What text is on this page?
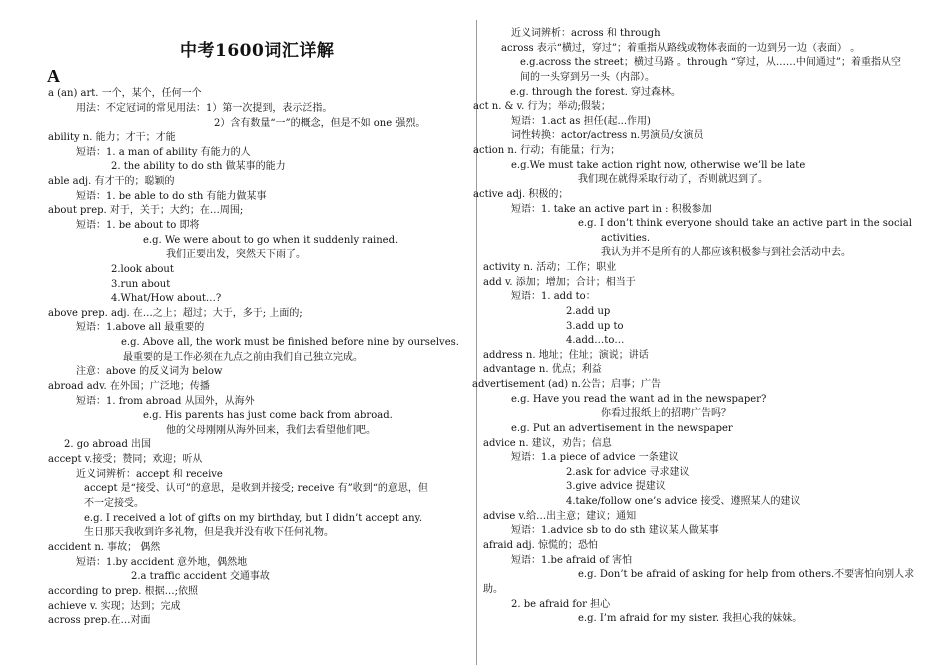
中考1600词汇详解
A
a (an) art. 一个，某个，任何一个
用法：不定冠词的常见用法：1）第一次提到，表示泛指。
2）含有数量“一”的概念，但是不如 one 强烈。
ability n. 能力；才干；才能
短语：1. a man of ability 有能力的人
2. the ability to do sth 做某事的能力
able adj. 有才干的；聪颖的
短语：1. be able to do sth 有能力做某事
about prep. 对于，关于；大约；在…周围;
短语：1. be about to 即将
e.g. We were about to go when it suddenly rained.
我们正要出发，突然天下雨了。
2.look about
3.run about
4.What/How about…?
above prep. adj. 在…之上；超过；大于，多于; 上面的;
短语：1.above all 最重要的
e.g. Above all, the work must be finished before nine by ourselves.
最重要的是工作必须在九点之前由我们自己独立完成。
注意：above 的反义词为 below
abroad adv. 在外国；广泛地；传播
短语：1. from abroad 从国外，从海外
e.g. His parents has just come back from abroad.
他的父母刚刚从海外回来，我们去看望他们吧。
2. go abroad 出国
accept v.接受；赞同；欢迎；听从
近义词辨析：accept 和 receive
accept 是“接受、认可”的意思，是收到并接受; receive 有”收到“的意思，但
不一定接受。
e.g. I received a lot of gifts on my birthday, but I didn’t accept any.
生日那天我收到许多礼物，但是我并没有收下任何礼物。
accident n. 事故； 偶然
短语：1.by accident 意外地，偶然地
2.a traffic accident 交通事故
according to prep. 根据…;依照
achieve v. 实现；达到；完成
across prep.在…对面
近义词辨析：across 和 through
across 表示“横过，穿过”；着重指从路线或物体表面的一边到另一边（表面） 。
e.g.across the street；横过马路 。through “穿过，从……中间通过”；着重指从空
间的一头穿到另一头（内部）。
e.g. through the forest. 穿过森林。
act n. & v. 行为；举动;假装；
短语：1.act as 担任(起...作用)
词性转换：actor/actress n.男演员/女演员
action n. 行动；有能量；行为；
e.g.We must take action right now, otherwise we’ll be late
我们现在就得采取行动了，否则就迟到了。
active adj. 积极的；
短语：1. take an active part in : 积极参加
e.g. I don’t think everyone should take an active part in the social
activities.
我认为并不是所有的人都应该积极参与到社会活动中去。
activity n. 活动；工作；职业
add v. 添加；增加；合计；相当于
短语：1. add to：
2.add up
3.add up to
4.add…to…
address n. 地址；住址；演说；讲话
advantage n. 优点；利益
advertisement (ad) n.公告；启事；广告
e.g. Have you read the want ad in the newspaper?
你看过报纸上的招聘广告吗？
e.g. Put an advertisement in the newspaper
advice n. 建议，劝告；信息
短语：1.a piece of advice 一条建议
2.ask for advice 寻求建议
3.give advice 提建议
4.take/follow one’s advice 接受、遵照某人的建议
advise v.给…出主意；建议；通知
短语：1.advice sb to do sth 建议某人做某事
afraid adj. 惊慌的；恐怕
短语：1.be afraid of 害怕
e.g. Don’t be afraid of asking for help from others.不要害怕向别人求
助。
2. be afraid for 担心
e.g. I’m afraid for my sister. 我担心我的妹妹。
